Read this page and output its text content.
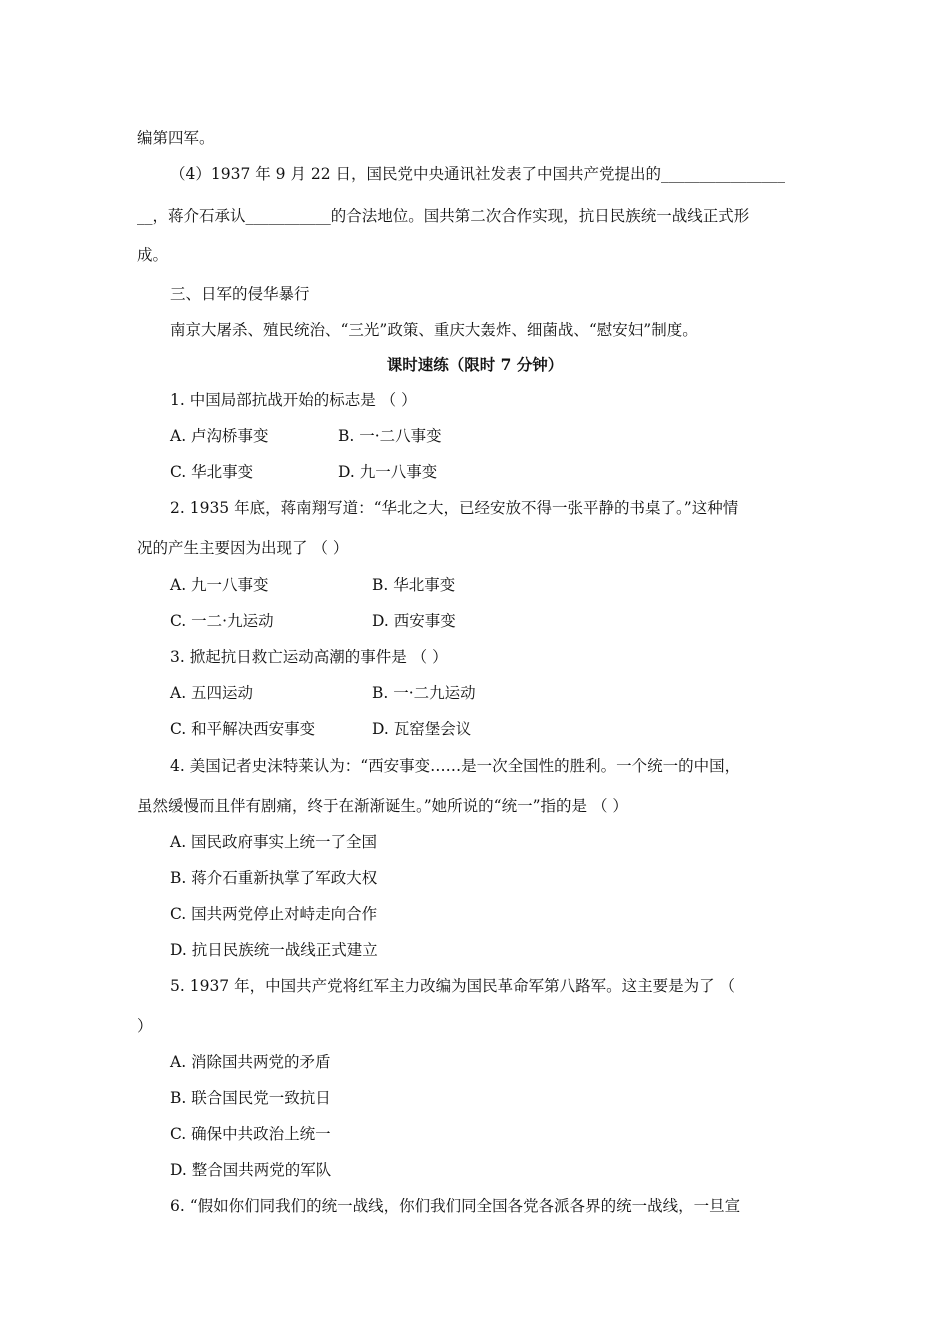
编第四军。
（4）1937 年 9 月 22 日，国民党中央通讯社发表了中国共产党提出的________________
__，蒋介石承认___________的合法地位。国共第二次合作实现，抗日民族统一战线正式形
成。
三、日军的侵华暴行
南京大屠杀、殖民统治、“三光”政策、重庆大轰炸、细菌战、“慰安妇”制度。
课时速练（限时 7 分钟）
1. 中国局部抗战开始的标志是 （ ）
A. 卢沟桥事变	B. 一·二八事变
C. 华北事变	D. 九一八事变
2. 1935 年底，蒋南翔写道：“华北之大，已经安放不得一张平静的书桌了。”这种情
况的产生主要因为出现了 （ ）
A. 九一八事变	B. 华北事变
C. 一二·九运动	D. 西安事变
3. 掀起抗日救亡运动高潮的事件是 （ ）
A. 五四运动	B. 一·二九运动
C. 和平解决西安事变	D. 瓦窑堡会议
4. 美国记者史沫特莱认为：“西安事变……是一次全国性的胜利。一个统一的中国，
虽然缓慢而且伴有剧痛，终于在渐渐诞生。”她所说的“统一”指的是 （ ）
A. 国民政府事实上统一了全国
B. 蒋介石重新执掌了军政大权
C. 国共两党停止对峙走向合作
D. 抗日民族统一战线正式建立
5. 1937 年，中国共产党将红军主力改编为国民革命军第八路军。这主要是为了 （
）
A. 消除国共两党的矛盾
B. 联合国民党一致抗日
C. 确保中共政治上统一
D. 整合国共两党的军队
6. “假如你们同我们的统一战线，你们我们同全国各党各派各界的统一战线，一旦宣
